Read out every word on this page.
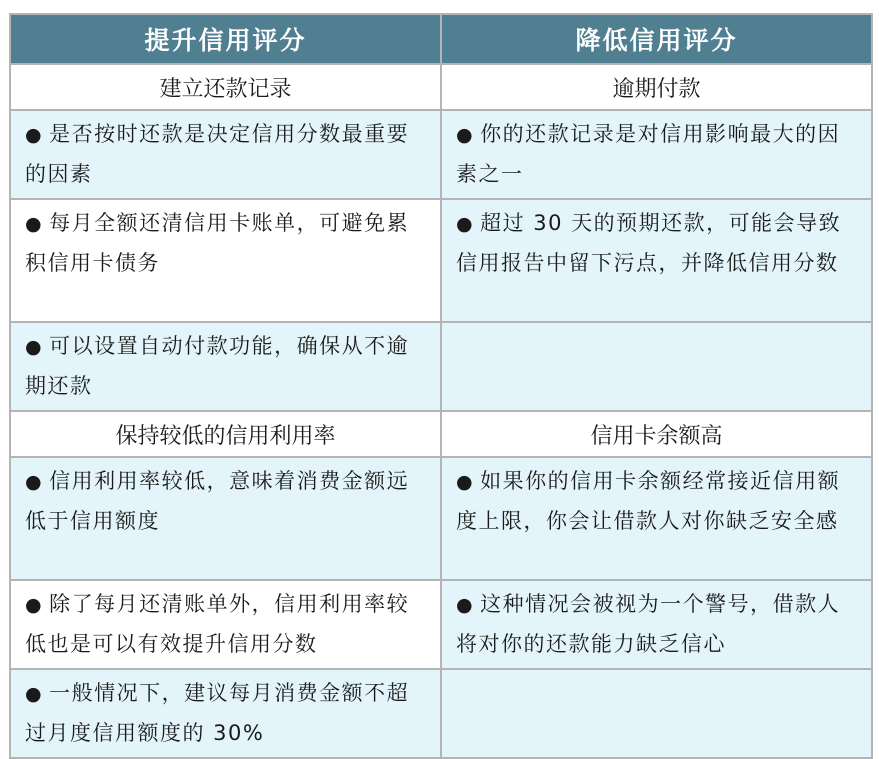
提升信用评分	降低信用评分
建立还款记录	逾期付款
● 是否按时还款是决定信用分数最重要的因素	● 你的还款记录是对信用影响最大的因素之一
● 每月全额还清信用卡账单，可避免累积信用卡债务	● 超过 30 天的预期还款，可能会导致信用报告中留下污点，并降低信用分数
● 可以设置自动付款功能，确保从不逾期还款	
保持较低的信用利用率	信用卡余额高
● 信用利用率较低，意味着消费金额远低于信用额度	● 如果你的信用卡余额经常接近信用额度上限，你会让借款人对你缺乏安全感
● 除了每月还清账单外，信用利用率较低也是可以有效提升信用分数	● 这种情况会被视为一个警号，借款人将对你的还款能力缺乏信心
● 一般情况下，建议每月消费金额不超过月度信用额度的 30%	
